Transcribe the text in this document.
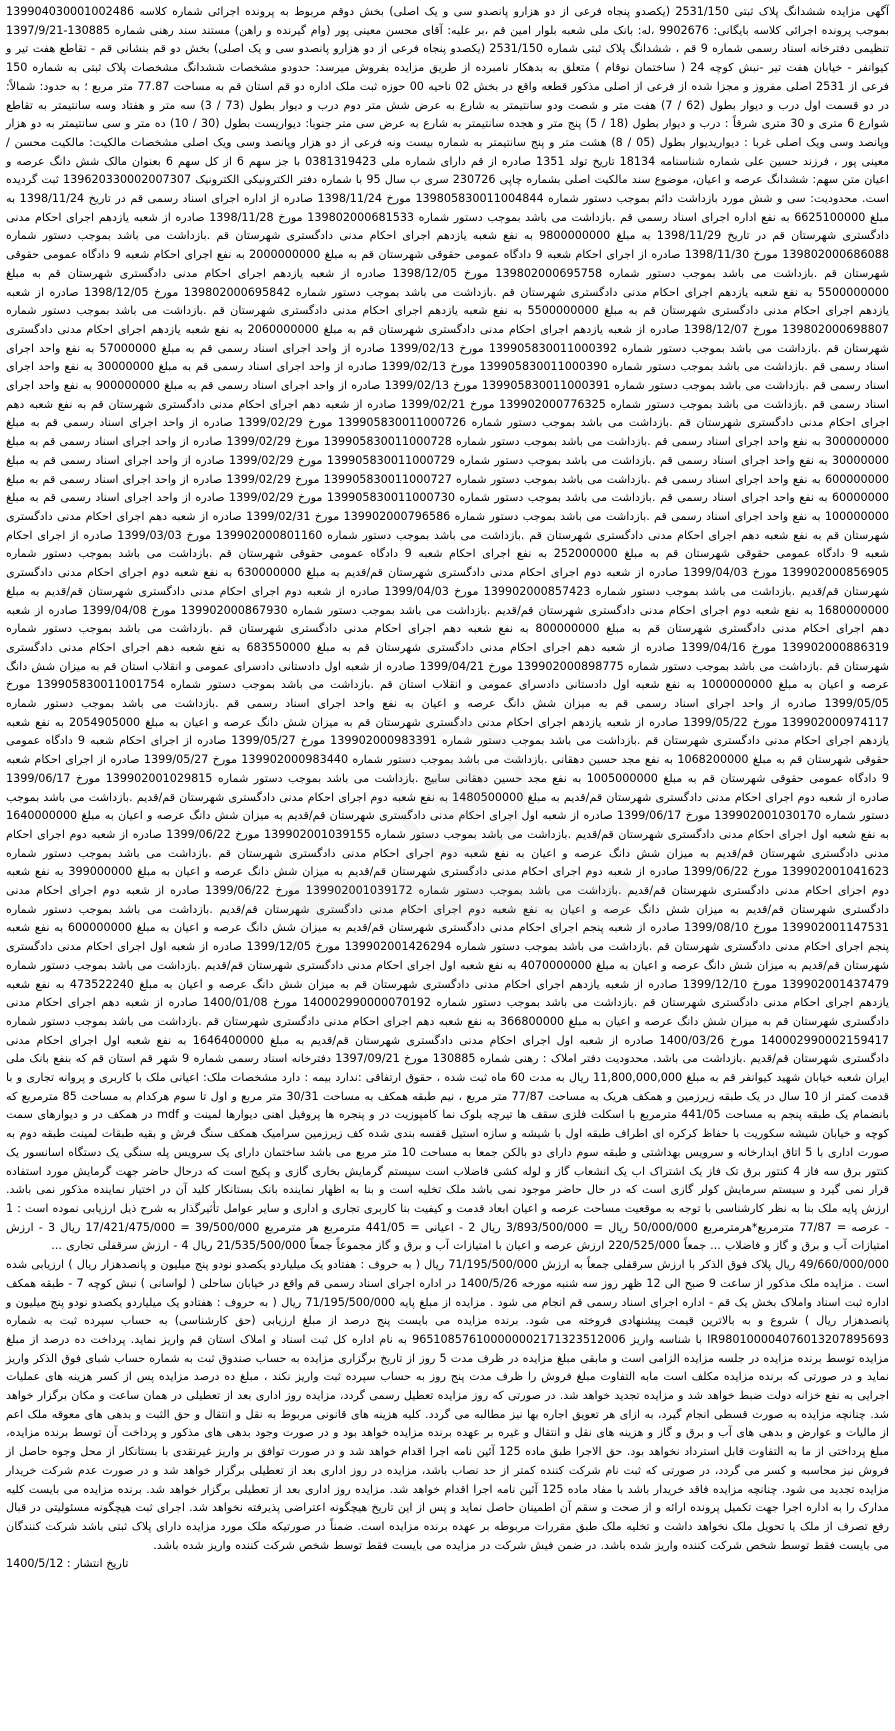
آگهی مزایده ششدانگ پلاک ثبتی 2531/150 (یکصدو پنجاه فرعی از دو هزارو پانصدو سی و یک اصلی) بخش دوقم مربوط به پرونده اجرائی شماره کلاسه 139904030001002486 بموجب پرونده اجرائی کلاسه بایگانی: 9902676 ،له: بانک ملی شعبه بلوار امین قم ،بر علیه: آقای محسن معینی پور (وام گیرنده و راهن) مستند سند رهنی شماره 130885-1397/9/21 تنظیمی دفترخانه اسناد رسمی شماره 9 قم ، ششدانگ پلاک ثبتی شماره 2531/150 (یکصدو پنجاه فرعی از دو هزارو پانصدو سی و یک اصلی) بخش دو قم بنشانی قم - تقاطع هفت تیر و کیوانفر - خیابان هفت تیر -نبش کوچه 24 ( ساختمان نوقام ) متعلق به بدهکار نامبرده از طریق مزایده بفروش میرسد: حدودو مشخصات ششدانگ مشخصات پلاک ثبتی به شماره 150 فرعی از 2531 اصلی مفروز و مجزا شده از فرعی از اصلی مذکور قطعه واقع در بخش 02 ناحیه 00 حوزه ثبت ملک اداره دو قم استان قم به مساحت 77.87 متر مربع ؛ به حدود: شمالاً: در دو قسمت اول درب و دیوار بطول (62 / 7) هفت متر و شصت ودو سانتیمتر به شارع به عرض شش متر دوم درب و دیوار بطول (73 / 3) سه متر و هفتاد وسه سانتیمتر به تقاطع شوارع 6 متری و 30 متری شرقاً : درب و دیوار بطول (18 / 5) پنج متر و هجده سانتیمتر به شارع به عرض سی متر جنوبا: دیواریست بطول (30 / 10) ده متر و سی سانتیمتر به دو هزار وپانصد وسی ویک اصلی غربا : دیواریدیوار بطول (05 / 8) هشت متر و پنج سانتیمتر به شماره بیست ونه فرعی از دو هزار وپانصد وسی ویک اصلی مشخصات مالکیت: مالکیت محسن / معینی پور ، فرزند حسین علی شماره شناسنامه 18134 تاریخ تولد 1351 صادره از قم دارای شماره ملی 0381319423 با جز سهم 6 از کل سهم 6 بعنوان مالک شش دانگ عرصه و اعیان متن سهم: ششدانگ عرصه و اعیان، موضوع سند مالکیت اصلی بشماره چاپی 230726 سری ب سال 95 با شماره دفتر الکترونیکی الکترونیک 139620330002007307 ثبت گردیده است. محدودیت: سی و شش مورد بازداشت دائم بموجب دستور شماره 139805830011004844 مورخ 1398/11/24 صادره از اداره اجرای اسناد رسمی قم در تاریخ 1398/11/24 به مبلغ 6625100000 به نفع اداره اجرای اسناد رسمی قم .بازداشت می باشد بموجب دستور شماره 139802000681533 مورخ 1398/11/28 صادره از شعبه یازدهم اجرای احکام مدنی دادگستری شهرستان قم در تاریخ 1398/11/29 به مبلغ 9800000000 به نفع شعبه یازدهم اجرای احکام مدنی دادگستری شهرستان قم .بازداشت می باشد بموجب دستور شماره 139802000686088 مورخ 1398/11/30 صادره از اجرای احکام شعبه 9 دادگاه عمومی حقوقی شهرستان قم به مبلغ 2000000000 به نفع اجرای احکام شعبه 9 دادگاه عمومی حقوقی شهرستان قم .بازداشت می باشد بموجب دستور شماره 139802000695758 مورخ 1398/12/05 صادره از شعبه یازدهم اجرای احکام مدنی دادگستری شهرستان قم به مبلغ 5500000000 به نفع شعبه یازدهم اجرای احکام مدنی دادگستری شهرستان قم .بازداشت می باشد بموجب دستور شماره 139802000695842 مورخ 1398/12/05 صادره از شعبه یازدهم اجرای احکام مدنی دادگستری شهرستان قم به مبلغ 5500000000 به نفع شعبه یازدهم اجرای احکام مدنی دادگستری شهرستان قم .بازداشت می باشد بموجب دستور شماره 139802000698807 مورخ 1398/12/07 صادره از شعبه یازدهم اجرای احکام مدنی دادگستری شهرستان قم به مبلغ 2060000000 به نفع شعبه یازدهم اجرای احکام مدنی دادگستری شهرستان قم .بازداشت می باشد بموجب دستور شماره 139905830011000392 مورخ 1399/02/13 صادره از واحد اجرای اسناد رسمی قم به مبلغ 57000000 به نفع واحد اجرای اسناد رسمی قم .بازداشت می باشد بموجب دستور شماره 139905830011000390 مورخ 1399/02/13 صادره از واحد اجرای اسناد رسمی قم به مبلغ 30000000 به نفع واحد اجرای اسناد رسمی قم .بازداشت می باشد بموجب دستور شماره 139905830011000391 مورخ 1399/02/13 صادره از واحد اجرای اسناد رسمی قم به مبلغ 900000000 به نفع واحد اجرای اسناد رسمی قم .بازداشت می باشد بموجب دستور شماره 139902000776325 مورخ 1399/02/21 صادره از شعبه دهم اجرای احکام مدنی دادگستری شهرستان قم به نفع شعبه دهم اجرای احکام مدنی دادگستری شهرستان قم .بازداشت می باشد بموجب دستور شماره 139905830011000726 مورخ 1399/02/29 صادره از واحد اجرای اسناد رسمی قم به مبلغ 300000000 به نفع واحد اجرای اسناد رسمی قم .بازداشت می باشد بموجب دستور شماره 139905830011000728 مورخ 1399/02/29 صادره از واحد اجرای اسناد رسمی قم به مبلغ 30000000 به نفع واحد اجرای اسناد رسمی قم .بازداشت می باشد بموجب دستور شماره 139905830011000729 مورخ 1399/02/29 صادره از واحد اجرای اسناد رسمی قم به مبلغ 600000000 به نفع واحد اجرای اسناد رسمی قم .بازداشت می باشد بموجب دستور شماره 139905830011000727 مورخ 1399/02/29 صادره از واحد اجرای اسناد رسمی قم به مبلغ 60000000 به نفع واحد اجرای اسناد رسمی قم .بازداشت می باشد بموجب دستور شماره 139905830011000730 مورخ 1399/02/29 صادره از واحد اجرای اسناد رسمی قم به مبلغ 100000000 به نفع واحد اجرای اسناد رسمی قم .بازداشت می باشد بموجب دستور شماره 139902000796586 مورخ 1399/02/31 صادره از شعبه دهم اجرای احکام مدنی دادگستری شهرستان قم به نفع شعبه دهم اجرای احکام مدنی دادگستری شهرستان قم .بازداشت می باشد بموجب دستور شماره 139902000801160 مورخ 1399/03/03 صادره از اجرای احکام شعبه 9 دادگاه عمومی حقوقی شهرستان قم به مبلغ 252000000 به نفع اجرای احکام شعبه 9 دادگاه عمومی حقوقی شهرستان قم .بازداشت می باشد بموجب دستور شماره 139902000856905 مورخ 1399/04/03 صادره از شعبه دوم اجرای احکام مدنی دادگستری شهرستان قم/قدیم به مبلغ 630000000 به نفع شعبه دوم اجرای احکام مدنی دادگستری شهرستان قم/قدیم .بازداشت می باشد بموجب دستور شماره 139902000857423 مورخ 1399/04/03 صادره از شعبه دوم اجرای احکام مدنی دادگستری شهرستان قم/قدیم به مبلغ 1680000000 به نفع شعبه دوم اجرای احکام مدنی دادگستری شهرستان قم/قدیم .بازداشت می باشد بموجب دستور شماره 139902000867930 مورخ 1399/04/08 صادره از شعبه دهم اجرای احکام مدنی دادگستری شهرستان قم به مبلغ 800000000 به نفع شعبه دهم اجرای احکام مدنی دادگستری شهرستان قم .بازداشت می باشد بموجب دستور شماره 139902000886319 مورخ 1399/04/16 صادره از شعبه دهم اجرای احکام مدنی دادگستری شهرستان قم به مبلغ 683550000 به نفع شعبه دهم اجرای احکام مدنی دادگستری شهرستان قم .بازداشت می باشد بموجب دستور شماره 139902000898775 مورخ 1399/04/21 صادره از شعبه اول دادستانی دادسرای عمومی و انقلاب استان قم به میزان شش دانگ عرصه و اعیان به مبلغ 1000000000 به نفع شعبه اول دادستانی دادسرای عمومی و انقلاب استان قم .بازداشت می باشد بموجب دستور شماره 139905830011001754 مورخ 1399/05/05 صادره از واحد اجرای اسناد رسمی قم به میزان شش دانگ عرصه و اعیان به نفع واحد اجرای اسناد رسمی قم .بازداشت می باشد بموجب دستور شماره 139902000974117 مورخ 1399/05/22 صادره از شعبه یازدهم اجرای احکام مدنی دادگستری شهرستان قم به میزان شش دانگ عرصه و اعیان به مبلغ 2054905000 به نفع شعبه یازدهم اجرای احکام مدنی دادگستری شهرستان قم .بازداشت می باشد بموجب دستور شماره 139902000983391 مورخ 1399/05/27 صادره از اجرای احکام شعبه 9 دادگاه عمومی حقوقی شهرستان قم به مبلغ 1068200000 به نفع مجد حسین دهقانی .بازداشت می باشد بموجب دستور شماره 139902000983440 مورخ 1399/05/27 صادره از اجرای احکام شعبه 9 دادگاه عمومی حقوقی شهرستان قم به مبلغ 1005000000 به نفع مجد حسین دهقانی سابیج .بازداشت می باشد بموجب دستور شماره 139902001029815 مورخ 1399/06/17 صادره از شعبه دوم اجرای احکام مدنی دادگستری شهرستان قم/قدیم به مبلغ 1480500000 به نفع شعبه دوم اجرای احکام مدنی دادگستری شهرستان قم/قدیم .بازداشت می باشد بموجب دستور شماره 139902001030170 مورخ 1399/06/17 صادره از شعبه اول اجرای احکام مدنی دادگستری شهرستان قم/قدیم به میزان شش دانگ عرصه و اعیان به مبلغ 1640000000 به نفع شعبه اول اجرای احکام مدنی دادگستری شهرستان قم/قدیم .بازداشت می باشد بموجب دستور شماره 139902001039155 مورخ 1399/06/22 صادره از شعبه دوم اجرای احکام مدنی دادگستری شهرستان قم/قدیم به میزان شش دانگ عرصه و اعیان به نفع شعبه دوم اجرای احکام مدنی دادگستری شهرستان قم .بازداشت می باشد بموجب دستور شماره 139902001041623 مورخ 1399/06/22 صادره از شعبه دوم اجرای احکام مدنی دادگستری شهرستان قم/قدیم به میزان شش دانگ عرصه و اعیان به مبلغ 399000000 به نفع شعبه دوم اجرای احکام مدنی دادگستری شهرستان قم/قدیم .بازداشت می باشد بموجب دستور شماره 139902001039172 مورخ 1399/06/22 صادره از شعبه دوم اجرای احکام مدنی دادگستری شهرستان قم/قدیم به میزان شش دانگ عرصه و اعیان به نفع شعبه دوم اجرای احکام مدنی دادگستری شهرستان قم/قدیم .بازداشت می باشد بموجب دستور شماره 139902001147531 مورخ 1399/08/10 صادره از شعبه پنجم اجرای احکام مدنی دادگستری شهرستان قم/قدیم به میزان شش دانگ عرصه و اعیان به مبلغ 600000000 به نفع شعبه پنجم اجرای احکام مدنی دادگستری شهرستان قم .بازداشت می باشد بموجب دستور شماره 139902001426294 مورخ 1399/12/05 صادره از شعبه اول اجرای احکام مدنی دادگستری شهرستان قم/قدیم به میزان شش دانگ عرصه و اعیان به مبلغ 4070000000 به نفع شعبه اول اجرای احکام مدنی دادگستری شهرستان قم/قدیم .بازداشت می باشد بموجب دستور شماره 139902001437479 مورخ 1399/12/10 صادره از شعبه یازدهم اجرای احکام مدنی دادگستری شهرستان قم به میزان شش دانگ عرصه و اعیان به مبلغ 473522240 به نفع شعبه یازدهم اجرای احکام مدنی دادگستری شهرستان قم .بازداشت می باشد بموجب دستور شماره 140002990000070192 مورخ 1400/01/08 صادره از شعبه دهم اجرای احکام مدنی دادگستری شهرستان قم به میزان شش دانگ عرصه و اعیان به مبلغ 366800000 به نفع شعبه دهم اجرای احکام مدنی دادگستری شهرستان قم .بازداشت می باشد بموجب دستور شماره 140002990002159417 مورخ 1400/03/26 صادره از شعبه اول اجرای احکام مدنی دادگستری شهرستان قم/قدیم به مبلغ 1646400000 به نفع شعبه اول اجرای احکام مدنی دادگستری شهرستان قم/قدیم .بازداشت می باشد. محدودیت دفتر املاک : رهنی شماره 130885 مورخ 1397/09/21 دفترخانه اسناد رسمی شماره 9 شهر قم استان قم که بنفع بانک ملی ایران شعبه خیابان شهید کیوانفر قم به مبلغ 11,800,000,000 ریال به مدت 60 ماه ثبت شده ، حقوق ارتفاقی :ندارد بیمه : دارد مشخصات ملک: اعیانی ملک با کاربری و پروانه تجاری و با قدمت کمتر از 10 سال در یک طبقه زیرزمین و همکف هریک به مساحت 77/87 متر مربع ، نیم طبقه همکف به مساحت 30/31 متر مربع و اول تا سوم هرکدام به مساحت 85 مترمربع که بانضمام یک طبقه پنجم به مساحت 441/05 مترمربع با اسکلت فلزی سقف ها تیرچه بلوک نما کامپوزیت در و پنجره ها پروفیل اهنی دیوارها لمینت و mdf در همکف در و دیوارهای سمت کوچه و خیابان شیشه سکوریت با حفاظ کرکره ای اطراف طبقه اول با شیشه و سازه استیل قفسه بندی شده کف زیرزمین سرامیک همکف سنگ فرش و بقیه طبقات لمینت طبقه دوم به صورت اداری با 5 اتاق ابدارخانه و سرویس بهداشتی و طبقه سوم دارای دو بالکن جمعا به مساحت 10 متر مربع می باشد ساختمان دارای یک سرویس پله سنگی یک دستگاه اسانسور یک کنتور برق سه فاز 4 کنتور برق تک فاز یک اشتراک اب یک انشعاب گاز و لوله کشی فاضلاب است سیستم گرمایش بخاری گازی و پکیج است که درحال حاضر جهت گرمایش مورد استفاده قرار نمی گیرد و سیستم سرمایش کولر گازی است که در حال حاضر موجود نمی باشد ملک تخلیه است و بنا به اظهار نماینده بانک بستانکار کلید آن در اختیار نماینده مذکور نمی باشد. ارزش پایه ملک بنا به نظر کارشناسی با توجه به موقعیت مساحت عرصه و اعیان ابعاد قدمت و کیفیت بنا کاربری تجاری و اداری و سایر عوامل تأثیرگذار به شرح ذیل ارزیابی نموده است : 1 - عرصه = 77/87 مترمربع*هرمترمربع 50/000/000 ریال = 3/893/500/000 ریال 2 - اعیانی = 441/05 مترمربع هر مترمربع 39/500/000 = 17/421/475/000 ریال 3 - ارزش امتیازات آب و برق و گاز و فاضلاب ... جمعاً 220/525/000 ارزش عرصه و اعیان با امتیازات آب و برق و گاز مجموعاً جمعاً 21/535/500/000 ریال 4 - ارزش سرقفلی تجاری ...

49/660/000/000 ریال پلاک فوق الذکر با ارزش سرقفلی جمعاً به ارزش 71/195/500/000 ریال ( به حروف : هفتادو یک میلیاردو یکصدو نودو پنج میلیون و پانصدهزار ریال ) ارزیابی شده است . مزایده ملک مذکور از ساعت 9 صبح الی 12 ظهر روز سه شنبه مورخه 1400/5/26 در اداره اجرای اسناد رسمی قم واقع در خیابان ساحلی ( لواسانی ) نبش کوچه 7 - طبقه همکف اداره ثبت اسناد واملاک بخش یک قم - اداره اجرای اسناد رسمی قم انجام می شود . مزایده از مبلغ پایه 71/195/500/000 ریال ( به حروف : هفتادو یک میلیاردو یکصدو نودو پنج میلیون و پانصدهزار ریال ) شروع و به بالاترین قیمت پیشنهادی فروخته می شود. برنده مزایده می بایست پنج درصد از مبلغ ارزیابی (حق کارشناسی) به حساب سپرده ثبت به شماره IR980100004076013207895693 با شناسه واریز 965108576100000002171323512006 به نام اداره کل ثبت اسناد و املاک استان قم واریز نماید. پرداخت ده درصد از مبلغ مزایده توسط برنده مزایده در جلسه مزایده الزامی است و مابقی مبلغ مزایده در ظرف مدت 5 روز از تاریخ برگزاری مزایده به حساب صندوق ثبت به شماره حساب شبای فوق الذکر واریز نماید و در صورتی که برنده مزایده مکلف است مابه التفاوت مبلغ فروش را ظرف مدت پنج روز به حساب سپرده ثبت واریز نکند ، مبلغ ده درصد مزایده پس از کسر هزینه های عملیات اجرایی به نفع خزانه دولت ضبط خواهد شد و مزایده تجدید خواهد شد. در صورتی که روز مزایده تعطیل رسمی گردد، مزایده روز اداری بعد از تعطیلی در همان ساعت و مکان برگزار خواهد شد. چنانچه مزایده به صورت قسطی انجام گیرد، به ازای هر تعویق اجاره بها نیز مطالبه می گردد. کلیه هزینه های قانونی مربوط به نقل و انتقال و حق الثبت و بدهی های معوقه ملک اعم از مالیات و عوارض و بدهی های آب و برق و گاز و هزینه های نقل و انتقال و غیره بر عهده برنده مزایده خواهد بود و در صورت وجود بدهی های مذکور و پرداخت آن توسط برنده مزایده، مبلغ پرداختی از ما به التفاوت قابل استرداد نخواهد بود. حق الاجرا طبق ماده 125 آئین نامه اجرا اقدام خواهد شد و در صورت توافق بر واریز غیرنقدی با بستانکار از محل وجوه حاصل از فروش نیز محاسبه و کسر می گردد، در صورتی که ثبت نام شرکت کننده کمتر از حد نصاب باشد، مزایده در روز اداری بعد از تعطیلی برگزار خواهد شد و در صورت عدم شرکت خریدار مزایده تجدید می شود. چنانچه مزایده فاقد خریدار باشد با مفاد ماده 125 آئین نامه اجرا اقدام خواهد شد. مزایده روز اداری بعد از تعطیلی برگزار خواهد شد. برنده مزایده می بایست کلیه مدارک را به اداره اجرا جهت تکمیل پرونده ارائه و از صحت و سقم آن اطمینان حاصل نماید و پس از این تاریخ هیچگونه اعتراضی پذیرفته نخواهد شد. اجرای ثبت هیچگونه مسئولیتی در قبال رفع تصرف از ملک یا تحویل ملک نخواهد داشت و تخلیه ملک طبق مقررات مربوطه بر عهده برنده مزایده است. ضمناً در صورتیکه ملک مورد مزایده دارای پلاک ثبتی باشد شرکت کنندگان می بایست فقط توسط شخص شرکت کننده واریز شده باشد. در ضمن فیش شرکت در مزایده می بایست فقط توسط شخص شرکت کننده واریز شده باشد.

تاریخ انتشار : 1400/5/12
